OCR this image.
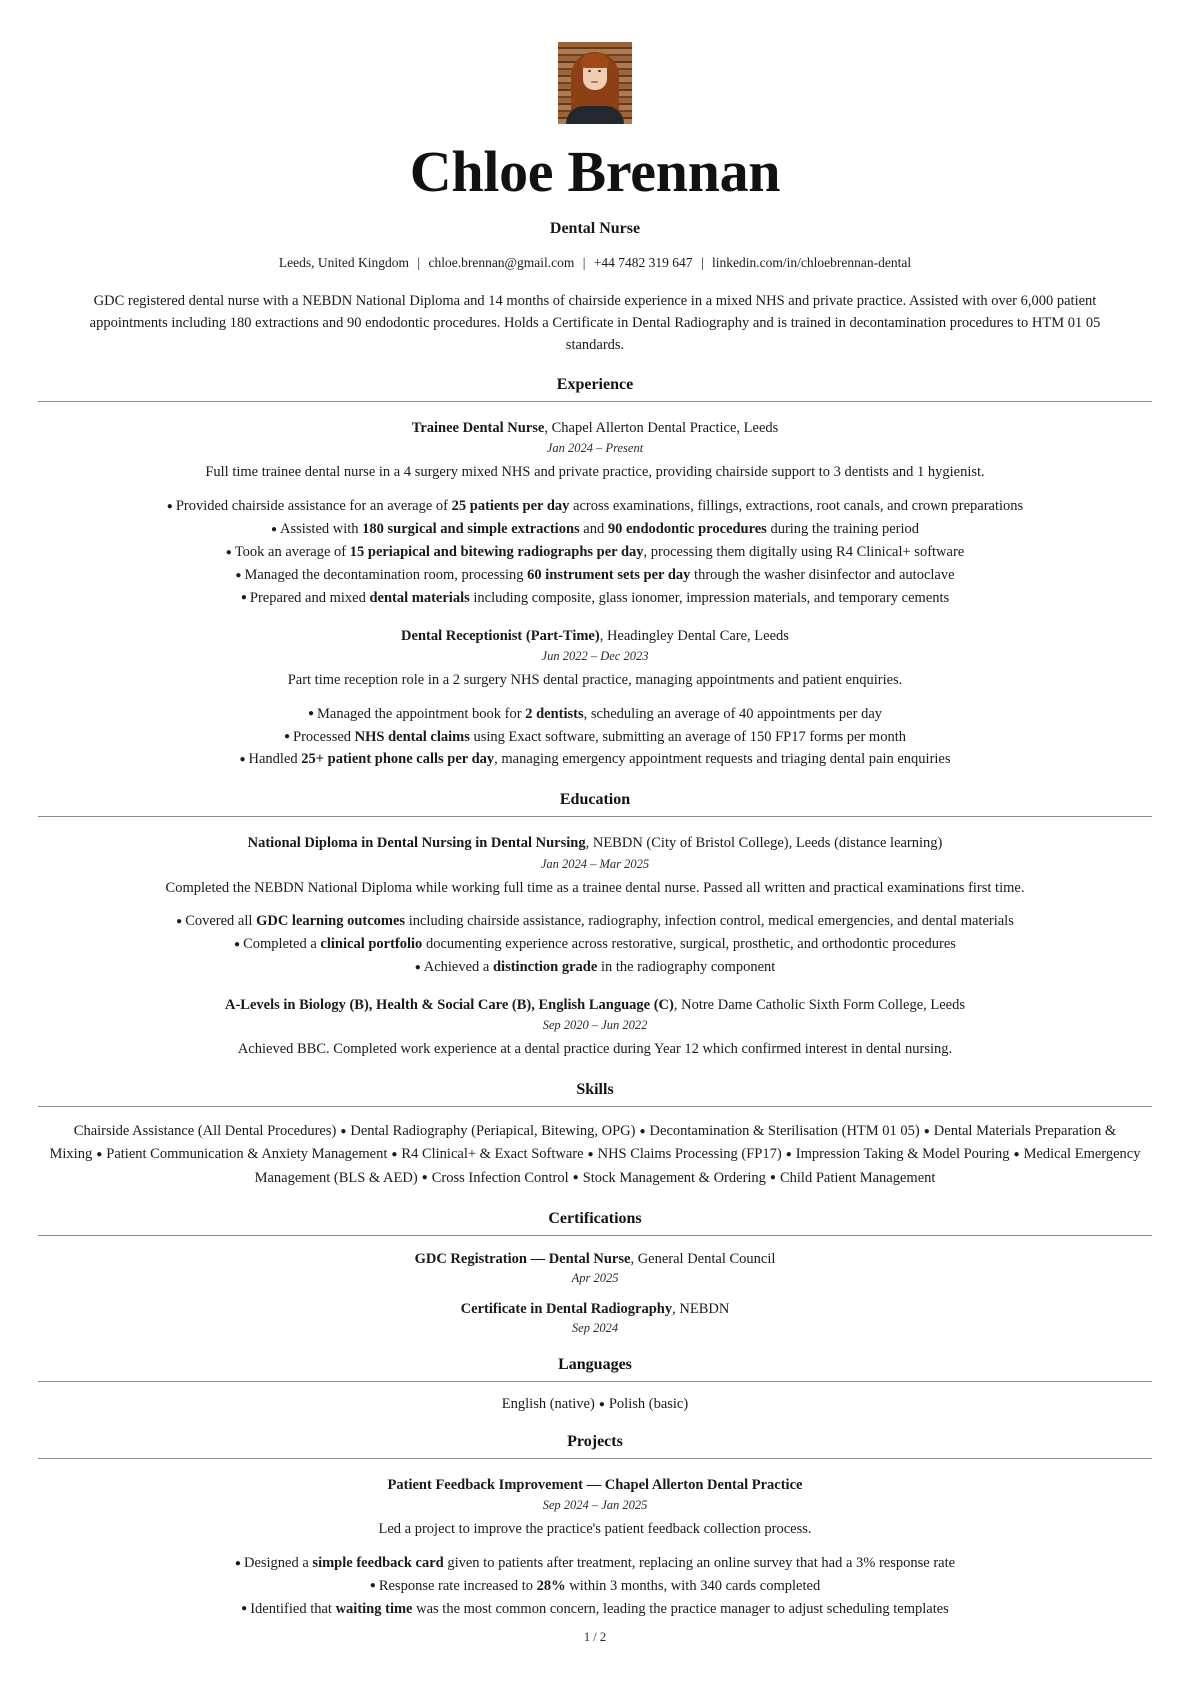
Chloe Brennan
Dental Nurse
Leeds, United Kingdom | chloe.brennan@gmail.com | +44 7482 319 647 | linkedin.com/in/chloebrennan-dental
GDC registered dental nurse with a NEBDN National Diploma and 14 months of chairside experience in a mixed NHS and private practice. Assisted with over 6,000 patient appointments including 180 extractions and 90 endodontic procedures. Holds a Certificate in Dental Radiography and is trained in decontamination procedures to HTM 01 05 standards.
Experience
Trainee Dental Nurse, Chapel Allerton Dental Practice, Leeds
Jan 2024 – Present
Full time trainee dental nurse in a 4 surgery mixed NHS and private practice, providing chairside support to 3 dentists and 1 hygienist.
● Provided chairside assistance for an average of 25 patients per day across examinations, fillings, extractions, root canals, and crown preparations
● Assisted with 180 surgical and simple extractions and 90 endodontic procedures during the training period
● Took an average of 15 periapical and bitewing radiographs per day, processing them digitally using R4 Clinical+ software
● Managed the decontamination room, processing 60 instrument sets per day through the washer disinfector and autoclave
● Prepared and mixed dental materials including composite, glass ionomer, impression materials, and temporary cements
Dental Receptionist (Part-Time), Headingley Dental Care, Leeds
Jun 2022 – Dec 2023
Part time reception role in a 2 surgery NHS dental practice, managing appointments and patient enquiries.
● Managed the appointment book for 2 dentists, scheduling an average of 40 appointments per day
● Processed NHS dental claims using Exact software, submitting an average of 150 FP17 forms per month
● Handled 25+ patient phone calls per day, managing emergency appointment requests and triaging dental pain enquiries
Education
National Diploma in Dental Nursing in Dental Nursing, NEBDN (City of Bristol College), Leeds (distance learning)
Jan 2024 – Mar 2025
Completed the NEBDN National Diploma while working full time as a trainee dental nurse. Passed all written and practical examinations first time.
● Covered all GDC learning outcomes including chairside assistance, radiography, infection control, medical emergencies, and dental materials
● Completed a clinical portfolio documenting experience across restorative, surgical, prosthetic, and orthodontic procedures
● Achieved a distinction grade in the radiography component
A-Levels in Biology (B), Health & Social Care (B), English Language (C), Notre Dame Catholic Sixth Form College, Leeds
Sep 2020 – Jun 2022
Achieved BBC. Completed work experience at a dental practice during Year 12 which confirmed interest in dental nursing.
Skills
Chairside Assistance (All Dental Procedures) ● Dental Radiography (Periapical, Bitewing, OPG) ● Decontamination & Sterilisation (HTM 01 05) ● Dental Materials Preparation & Mixing ● Patient Communication & Anxiety Management ● R4 Clinical+ & Exact Software ● NHS Claims Processing (FP17) ● Impression Taking & Model Pouring ● Medical Emergency Management (BLS & AED) ● Cross Infection Control ● Stock Management & Ordering ● Child Patient Management
Certifications
GDC Registration — Dental Nurse, General Dental Council
Apr 2025
Certificate in Dental Radiography, NEBDN
Sep 2024
Languages
English (native) ● Polish (basic)
Projects
Patient Feedback Improvement — Chapel Allerton Dental Practice
Sep 2024 – Jan 2025
Led a project to improve the practice's patient feedback collection process.
● Designed a simple feedback card given to patients after treatment, replacing an online survey that had a 3% response rate
● Response rate increased to 28% within 3 months, with 340 cards completed
● Identified that waiting time was the most common concern, leading the practice manager to adjust scheduling templates
1 / 2
